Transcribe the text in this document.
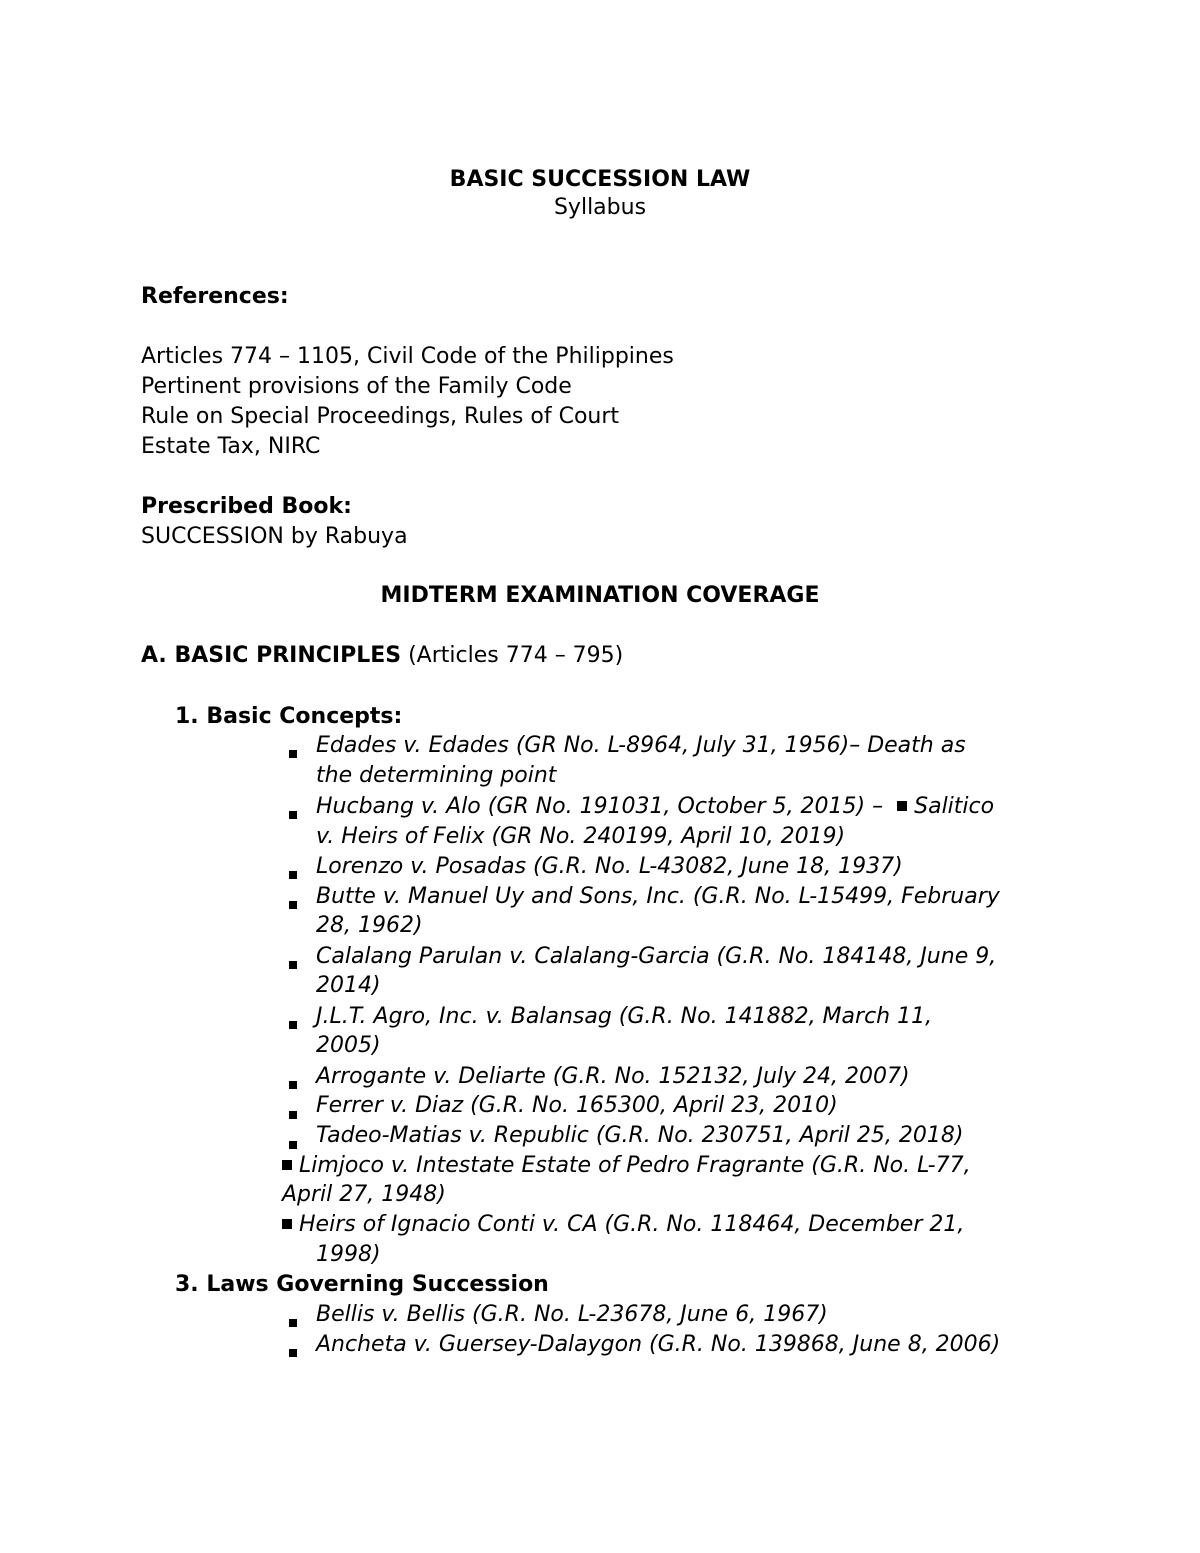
BASIC SUCCESSION LAW
Syllabus
References:
Articles 774 – 1105, Civil Code of the Philippines
Pertinent provisions of the Family Code
Rule on Special Proceedings, Rules of Court
Estate Tax, NIRC
Prescribed Book:
SUCCESSION by Rabuya
MIDTERM EXAMINATION COVERAGE
A. BASIC PRINCIPLES (Articles 774 – 795)
1. Basic Concepts:
Edades v. Edades (GR No. L-8964, July 31, 1956)– Death as
the determining point
Hucbang v. Alo (GR No. 191031, October 5, 2015) – Salitico
v. Heirs of Felix (GR No. 240199, April 10, 2019)
Lorenzo v. Posadas (G.R. No. L-43082, June 18, 1937)
Butte v. Manuel Uy and Sons, Inc. (G.R. No. L-15499, February
28, 1962)
Calalang Parulan v. Calalang-Garcia (G.R. No. 184148, June 9,
2014)
J.L.T. Agro, Inc. v. Balansag (G.R. No. 141882, March 11,
2005)
Arrogante v. Deliarte (G.R. No. 152132, July 24, 2007)
Ferrer v. Diaz (G.R. No. 165300, April 23, 2010)
Tadeo-Matias v. Republic (G.R. No. 230751, April 25, 2018)
Limjoco v. Intestate Estate of Pedro Fragrante (G.R. No. L-77,
April 27, 1948)
Heirs of Ignacio Conti v. CA (G.R. No. 118464, December 21,
1998)
3. Laws Governing Succession
Bellis v. Bellis (G.R. No. L-23678, June 6, 1967)
Ancheta v. Guersey-Dalaygon (G.R. No. 139868, June 8, 2006)
